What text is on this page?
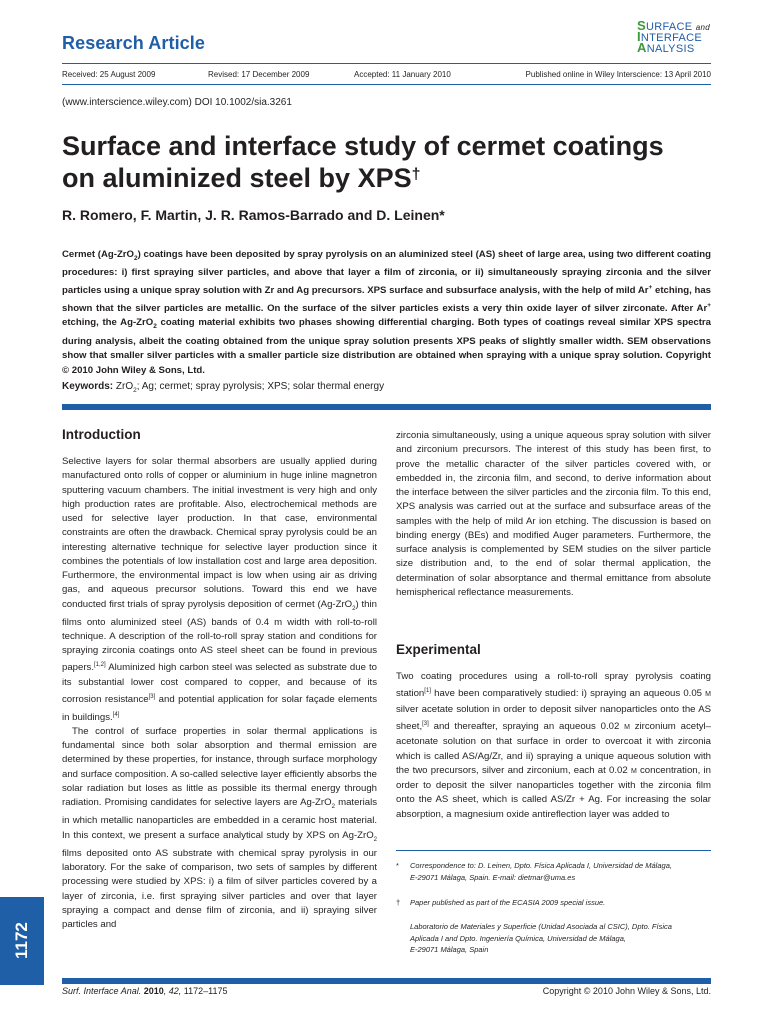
Research Article
SURFACE and
INTERFACE
ANALYSIS
Received: 25 August 2009	Revised: 17 December 2009	Accepted: 11 January 2010	Published online in Wiley Interscience: 13 April 2010
(www.interscience.wiley.com) DOI 10.1002/sia.3261
Surface and interface study of cermet coatings
on aluminized steel by XPS†
R. Romero, F. Martin, J. R. Ramos-Barrado and D. Leinen*
Cermet (Ag-ZrO$_2$) coatings have been deposited by spray pyrolysis on an aluminized steel (AS) sheet of large area, using two different coating procedures: i) first spraying silver particles, and above that layer a film of zirconia, or ii) simultaneously spraying zirconia and the silver particles using a unique spray solution with Zr and Ag precursors. XPS surface and subsurface analysis, with the help of mild Ar+ etching, has shown that the silver particles are metallic. On the surface of the silver particles exists a very thin oxide layer of silver zirconate. After Ar+ etching, the Ag-ZrO$_2$ coating material exhibits two phases showing differential charging. Both types of coatings reveal similar XPS spectra during analysis, albeit the coating obtained from the unique spray solution presents XPS peaks of slightly smaller width. SEM observations show that smaller silver particles with a smaller particle size distribution are obtained when spraying with a unique spray solution. Copyright © 2010 John Wiley & Sons, Ltd.
Keywords: ZrO$_2$; Ag; cermet; spray pyrolysis; XPS; solar thermal energy
Introduction

Selective layers for solar thermal absorbers are usually applied during manufactured onto rolls of copper or aluminium in huge inline magnetron sputtering vacuum chambers. The initial investment is very high and only high production rates are profitable. Also, electrochemical methods are used for selective layer production. In that case, environmental constraints are often the drawback. Chemical spray pyrolysis could be an interesting alternative technique for selective layer production since it combines the potentials of low installation cost and large area deposition. Furthermore, the environmental impact is low when using air as driving gas, and aqueous precursor solutions. Toward this end we have conducted first trials of spray pyrolysis deposition of cermet (Ag-ZrO$_2$) thin films onto aluminized steel (AS) bands of 0.4 m width with roll-to-roll technique. A description of the roll-to-roll spray station and conditions for spraying zirconia coatings onto AS steel sheet can be found in previous papers.[1,2] Aluminized high carbon steel was selected as substrate due to its substantial lower cost compared to copper, and because of its corrosion resistance[3] and potential application for solar façade elements in buildings.[4]

The control of surface properties in solar thermal applications is fundamental since both solar absorption and thermal emission are determined by these properties, for instance, through surface morphology and surface composition. A so-called selective layer efficiently absorbs the solar radiation but loses as little as possible its thermal energy through radiation. Promising candidates for selective layers are Ag-ZrO$_2$ materials in which metallic nanoparticles are embedded in a ceramic host material. In this context, we present a surface analytical study by XPS on Ag-ZrO$_2$ films deposited onto AS substrate with chemical spray pyrolysis in our laboratory. For the sake of comparison, two sets of samples by different processing were studied by XPS: i) a film of silver particles covered by a layer of zirconia, i.e. first spraying silver particles and over that layer spraying a compact and dense film of zirconia, and ii) spraying silver particles and

zirconia simultaneously, using a unique aqueous spray solution with silver and zirconium precursors. The interest of this study has been first, to prove the metallic character of the silver particles covered with, or embedded in, the zirconia film, and second, to derive information about the interface between the silver particles and the zirconia film. To this end, XPS analysis was carried out at the surface and subsurface areas of the samples with the help of mild Ar ion etching. The discussion is based on binding energy (BEs) and modified Auger parameters. Furthermore, the surface analysis is complemented by SEM studies on the silver particle size distribution and, to the end of solar thermal application, the determination of solar absorptance and thermal emittance from absolute hemispherical reflectance measurements.

Experimental

Two coating procedures using a roll-to-roll spray pyrolysis coating station[1] have been comparatively studied: i) spraying an aqueous 0.05 M silver acetate solution in order to deposit silver nanoparticles onto the AS sheet,[3] and thereafter, spraying an aqueous 0.02 M zirconium acetyl–acetonate solution on that surface in order to overcoat it with zirconia which is called AS/Ag/Zr, and ii) spraying a unique aqueous solution with the two precursors, silver and zirconium, each at 0.02 M concentration, in order to deposit the silver nanoparticles together with the zirconia film onto the AS sheet, which is called AS/Zr + Ag. For increasing the solar absorption, a magnesium oxide antireflection layer was added to

* Correspondence to: D. Leinen, Dpto. Física Aplicada I, Universidad de Málaga,
E-29071 Málaga, Spain. E-mail: dietmar@uma.es
† Paper published as part of the ECASIA 2009 special issue.
Laboratorio de Materiales y Superficie (Unidad Asociada al CSIC), Dpto. Física
Aplicada I and Dpto. Ingeniería Química, Universidad de Málaga,
E-29071 Málaga, Spain
1172
Surf. Interface Anal. 2010, 42, 1172–1175	Copyright © 2010 John Wiley & Sons, Ltd.
